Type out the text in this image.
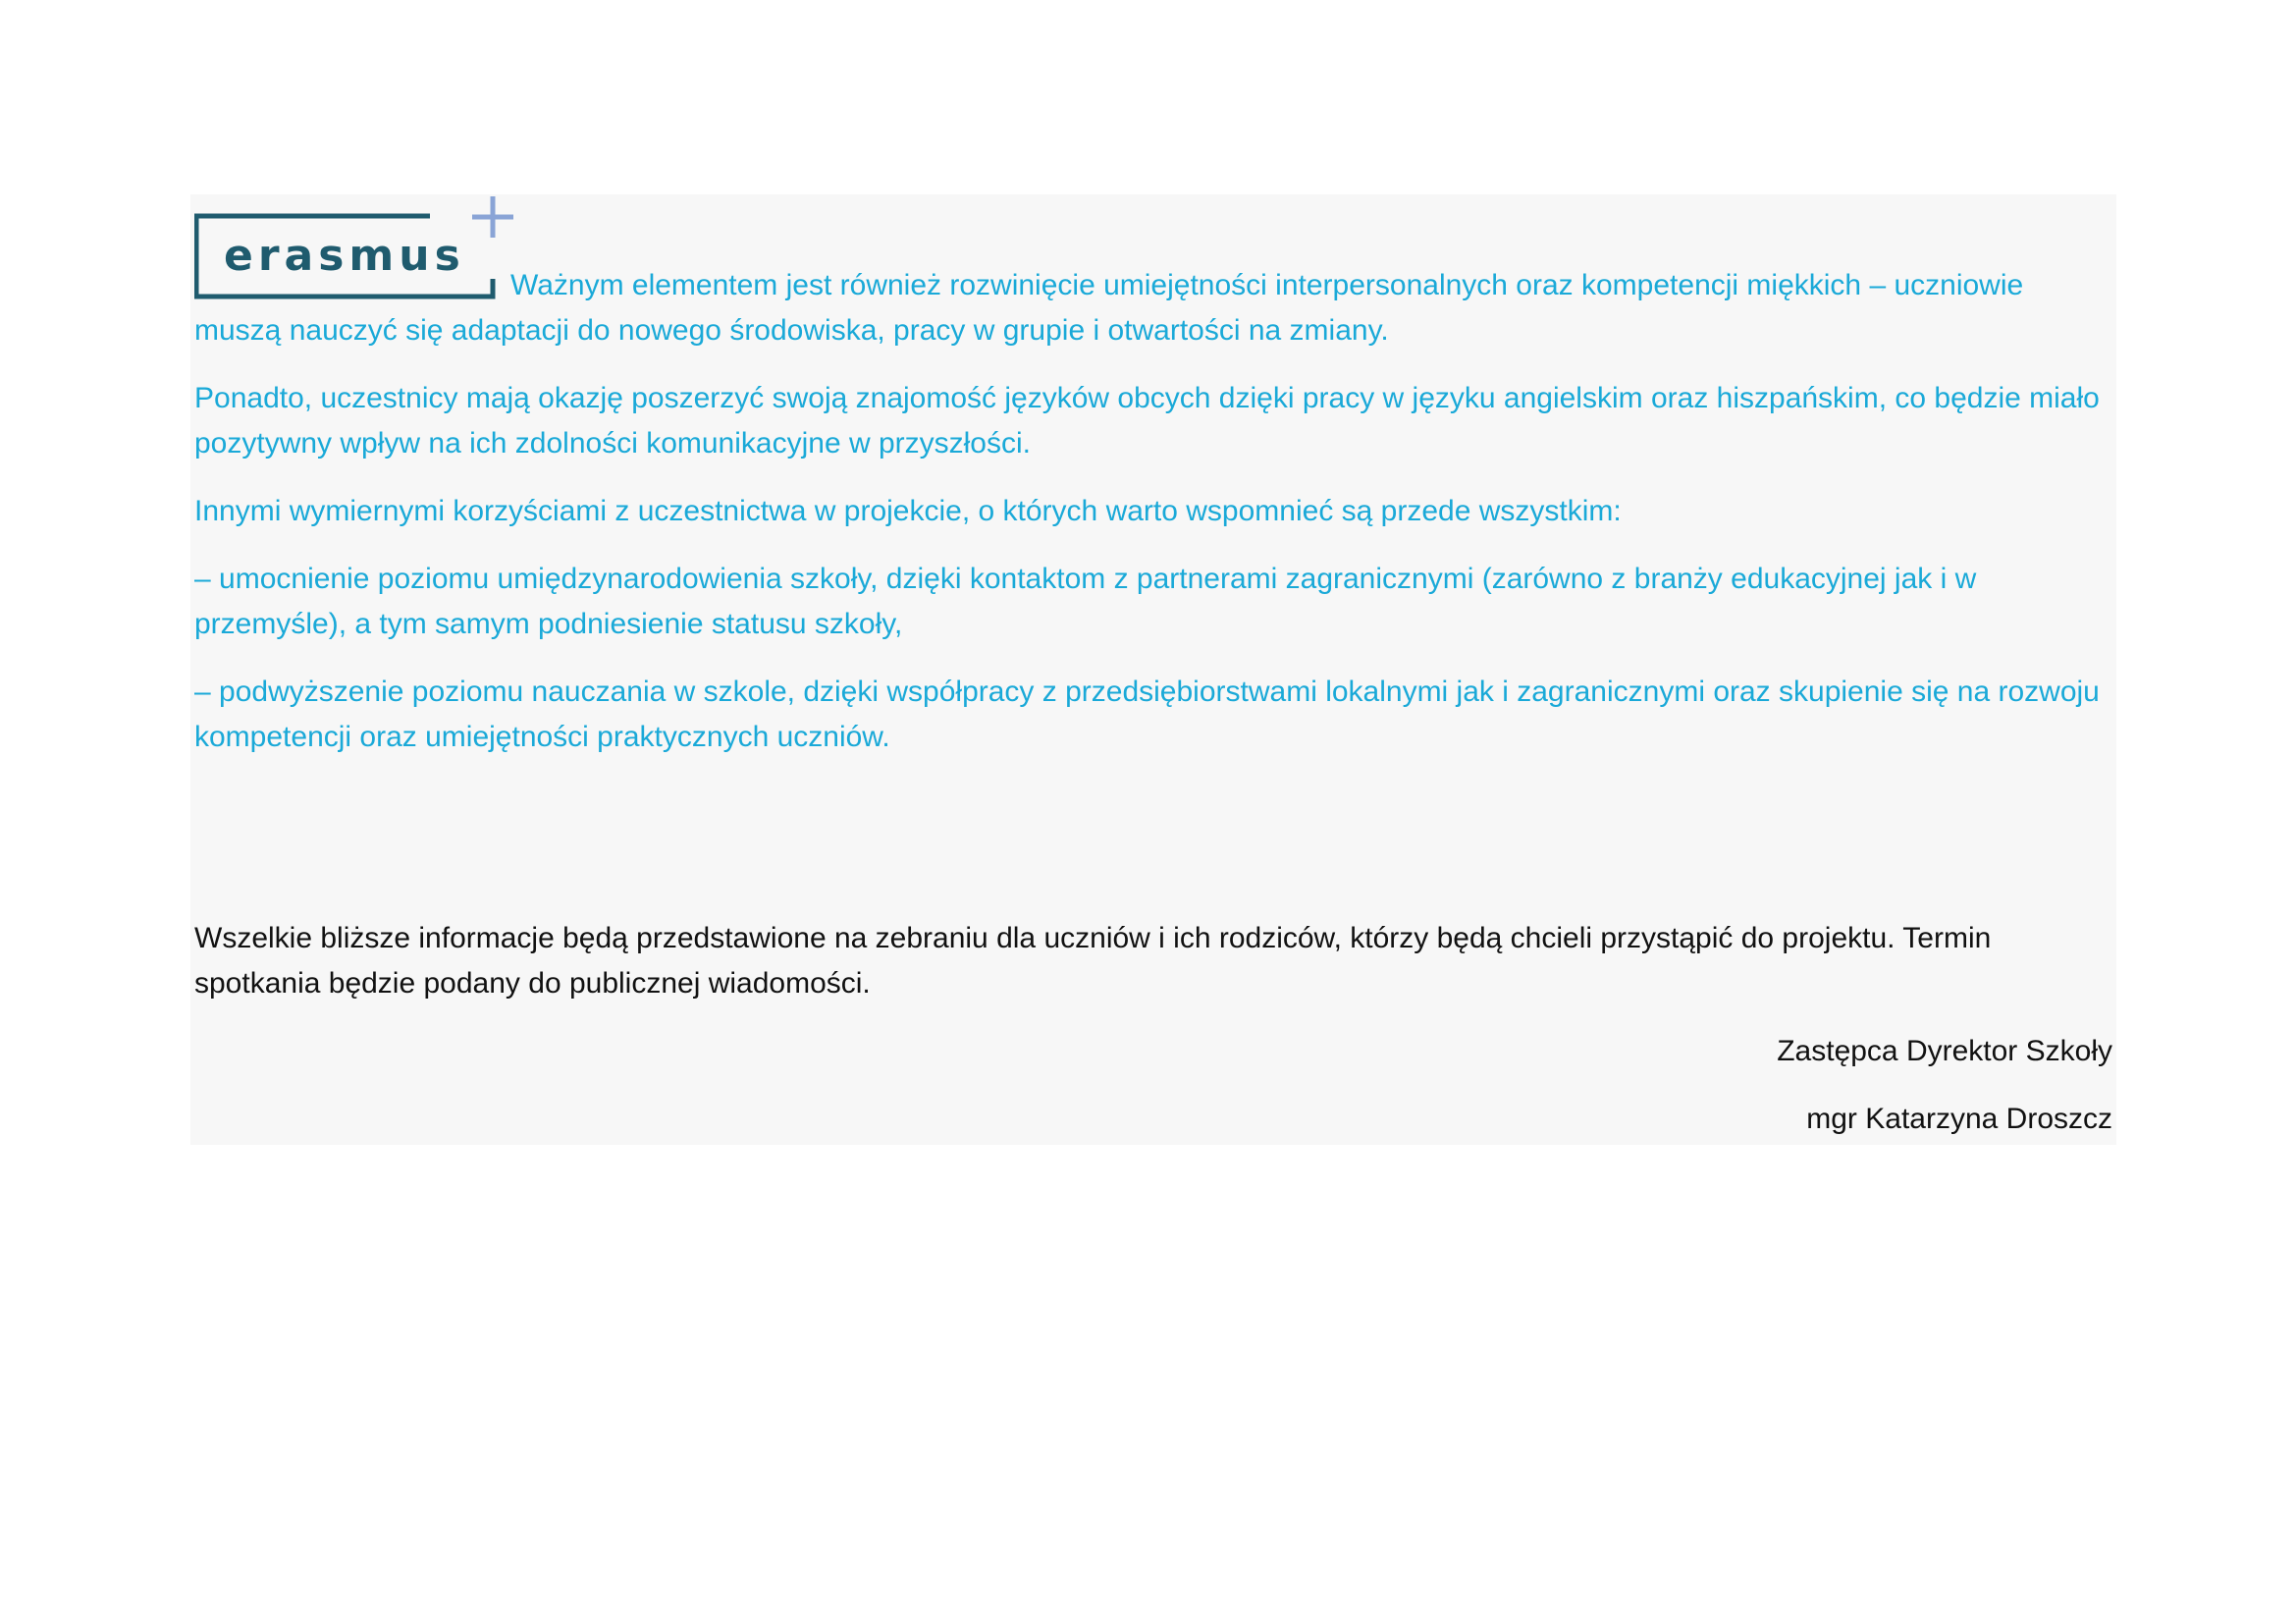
erasmus

Ważnym elementem jest również rozwinięcie umiejętności interpersonalnych oraz kompetencji miękkich – uczniowie muszą nauczyć się adaptacji do nowego środowiska, pracy w grupie i otwartości na zmiany.

Ponadto, uczestnicy mają okazję poszerzyć swoją znajomość języków obcych dzięki pracy w języku angielskim oraz hiszpańskim, co będzie miało pozytywny wpływ na ich zdolności komunikacyjne w przyszłości.

Innymi wymiernymi korzyściami z uczestnictwa w projekcie, o których warto wspomnieć są przede wszystkim:

– umocnienie poziomu umiędzynarodowienia szkoły, dzięki kontaktom z partnerami zagranicznymi (zarówno z branży edukacyjnej jak i w przemyśle), a tym samym podniesienie statusu szkoły,

– podwyższenie poziomu nauczania w szkole, dzięki współpracy z przedsiębiorstwami lokalnymi jak i zagranicznymi oraz skupienie się na rozwoju kompetencji oraz umiejętności praktycznych uczniów.

Wszelkie bliższe informacje będą przedstawione na zebraniu dla uczniów i ich rodziców, którzy będą chcieli przystąpić do projektu. Termin spotkania będzie podany do publicznej wiadomości.

Zastępca Dyrektor Szkoły

mgr Katarzyna Droszcz
